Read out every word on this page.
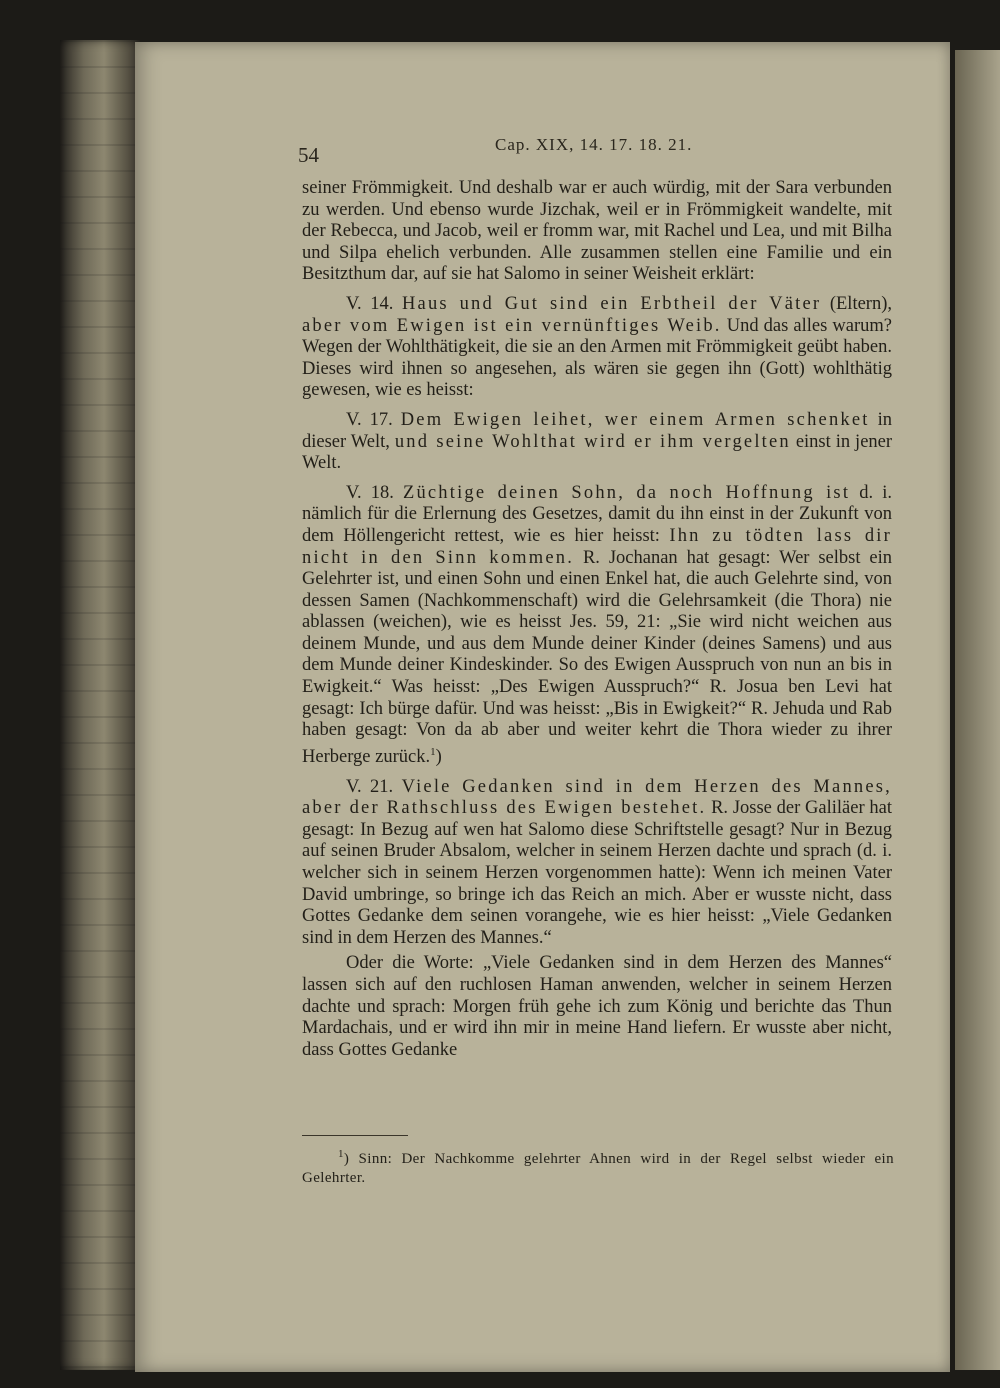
54	Cap. XIX, 14. 17. 18. 21.

seiner Frömmigkeit. Und deshalb war er auch würdig, mit der Sara verbunden zu werden. Und ebenso wurde Jizchak, weil er in Frömmigkeit wandelte, mit der Rebecca, und Jacob, weil er fromm war, mit Rachel und Lea, und mit Bilha und Silpa ehelich verbunden. Alle zusammen stellen eine Familie und ein Besitzthum dar, auf sie hat Salomo in seiner Weisheit erklärt:

V. 14. Haus und Gut sind ein Erbtheil der Väter (Eltern), aber vom Ewigen ist ein vernünftiges Weib. Und das alles warum? Wegen der Wohlthätigkeit, die sie an den Armen mit Frömmigkeit geübt haben. Dieses wird ihnen so angesehen, als wären sie gegen ihn (Gott) wohlthätig gewesen, wie es heisst:

V. 17. Dem Ewigen leihet, wer einem Armen schenket in dieser Welt, und seine Wohlthat wird er ihm vergelten einst in jener Welt.

V. 18. Züchtige deinen Sohn, da noch Hoffnung ist d. i. nämlich für die Erlernung des Gesetzes, damit du ihn einst in der Zukunft von dem Höllengericht rettest, wie es hier heisst: Ihn zu tödten lass dir nicht in den Sinn kommen. R. Jochanan hat gesagt: Wer selbst ein Gelehrter ist, und einen Sohn und einen Enkel hat, die auch Gelehrte sind, von dessen Samen (Nachkommenschaft) wird die Gelehrsamkeit (die Thora) nie ablassen (weichen), wie es heisst Jes. 59, 21: „Sie wird nicht weichen aus deinem Munde, und aus dem Munde deiner Kinder (deines Samens) und aus dem Munde deiner Kindeskinder. So des Ewigen Ausspruch von nun an bis in Ewigkeit.“ Was heisst: „Des Ewigen Ausspruch?“ R. Josua ben Levi hat gesagt: Ich bürge dafür. Und was heisst: „Bis in Ewigkeit?“ R. Jehuda und Rab haben gesagt: Von da ab aber und weiter kehrt die Thora wieder zu ihrer Herberge zurück.$^1$)

V. 21. Viele Gedanken sind in dem Herzen des Mannes, aber der Rathschluss des Ewigen bestehet. R. Josse der Galiläer hat gesagt: In Bezug auf wen hat Salomo diese Schriftstelle gesagt? Nur in Bezug auf seinen Bruder Absalom, welcher in seinem Herzen dachte und sprach (d. i. welcher sich in seinem Herzen vorgenommen hatte): Wenn ich meinen Vater David umbringe, so bringe ich das Reich an mich. Aber er wusste nicht, dass Gottes Gedanke dem seinen vorangehe, wie es hier heisst: „Viele Gedanken sind in dem Herzen des Mannes.“

Oder die Worte: „Viele Gedanken sind in dem Herzen des Mannes“ lassen sich auf den ruchlosen Haman anwenden, welcher in seinem Herzen dachte und sprach: Morgen früh gehe ich zum König und berichte das Thun Mardachais, und er wird ihn mir in meine Hand liefern. Er wusste aber nicht, dass Gottes Gedanke

$^1$) Sinn: Der Nachkomme gelehrter Ahnen wird in der Regel selbst wieder ein Gelehrter.
